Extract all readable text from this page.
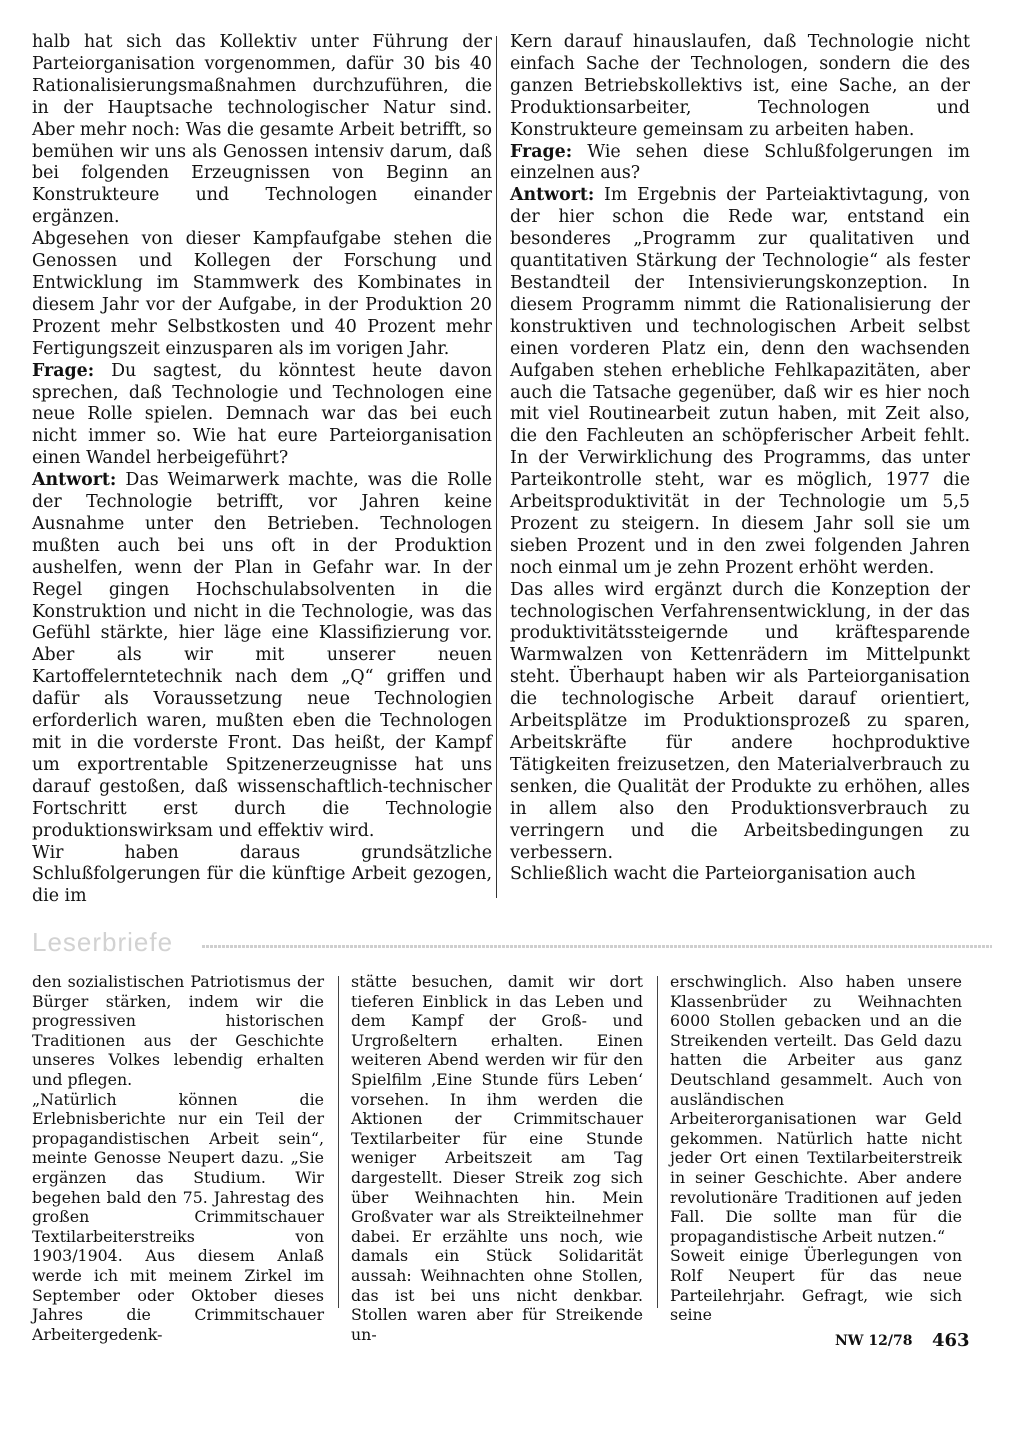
halb hat sich das Kollektiv unter Führung der Parteiorganisation vorgenommen, dafür 30 bis 40 Rationalisierungsmaßnahmen durchzuführen, die in der Hauptsache technologischer Natur sind. Aber mehr noch: Was die gesamte Arbeit betrifft, so bemühen wir uns als Genossen intensiv darum, daß bei folgenden Erzeugnissen von Beginn an Konstrukteure und Technologen einander ergänzen.

Abgesehen von dieser Kampfaufgabe stehen die Genossen und Kollegen der Forschung und Entwicklung im Stammwerk des Kombinates in diesem Jahr vor der Aufgabe, in der Produktion 20 Prozent mehr Selbstkosten und 40 Prozent mehr Fertigungszeit einzusparen als im vorigen Jahr.

Frage: Du sagtest, du könntest heute davon sprechen, daß Technologie und Technologen eine neue Rolle spielen. Demnach war das bei euch nicht immer so. Wie hat eure Parteiorganisation einen Wandel herbeigeführt?

Antwort: Das Weimarwerk machte, was die Rolle der Technologie betrifft, vor Jahren keine Ausnahme unter den Betrieben. Technologen mußten auch bei uns oft in der Produktion aushelfen, wenn der Plan in Gefahr war. In der Regel gingen Hochschulabsolventen in die Konstruktion und nicht in die Technologie, was das Gefühl stärkte, hier läge eine Klassifizierung vor. Aber als wir mit unserer neuen Kartoffelerntetechnik nach dem „Q“ griffen und dafür als Voraussetzung neue Technologien erforderlich waren, mußten eben die Technologen mit in die vorderste Front. Das heißt, der Kampf um exportrentable Spitzenerzeugnisse hat uns darauf gestoßen, daß wissenschaftlich-technischer Fortschritt erst durch die Technologie produktionswirksam und effektiv wird.

Wir haben daraus grundsätzliche Schlußfolgerungen für die künftige Arbeit gezogen, die im

Kern darauf hinauslaufen, daß Technologie nicht einfach Sache der Technologen, sondern die des ganzen Betriebskollektivs ist, eine Sache, an der Produktionsarbeiter, Technologen und Konstrukteure gemeinsam zu arbeiten haben.

Frage: Wie sehen diese Schlußfolgerungen im einzelnen aus?

Antwort: Im Ergebnis der Parteiaktivtagung, von der hier schon die Rede war, entstand ein besonderes „Programm zur qualitativen und quantitativen Stärkung der Technologie“ als fester Bestandteil der Intensivierungskonzeption. In diesem Programm nimmt die Rationalisierung der konstruktiven und technologischen Arbeit selbst einen vorderen Platz ein, denn den wachsenden Aufgaben stehen erhebliche Fehlkapazitäten, aber auch die Tatsache gegenüber, daß wir es hier noch mit viel Routinearbeit zutun haben, mit Zeit also, die den Fachleuten an schöpferischer Arbeit fehlt. In der Verwirklichung des Programms, das unter Parteikontrolle steht, war es möglich, 1977 die Arbeitsproduktivität in der Technologie um 5,5 Prozent zu steigern. In diesem Jahr soll sie um sieben Prozent und in den zwei folgenden Jahren noch einmal um je zehn Prozent erhöht werden.

Das alles wird ergänzt durch die Konzeption der technologischen Verfahrensentwicklung, in der das produktivitätssteigernde und kräftesparende Warmwalzen von Kettenrädern im Mittelpunkt steht. Überhaupt haben wir als Parteiorganisation die technologische Arbeit darauf orientiert, Arbeitsplätze im Produktionsprozeß zu sparen, Arbeitskräfte für andere hochproduktive Tätigkeiten freizusetzen, den Materialverbrauch zu senken, die Qualität der Produkte zu erhöhen, alles in allem also den Produktionsverbrauch zu verringern und die Arbeitsbedingungen zu verbessern.

Schließlich wacht die Parteiorganisation auch

Leserbriefe

den sozialistischen Patriotismus der Bürger stärken, indem wir die progressiven historischen Traditionen aus der Geschichte unseres Volkes lebendig erhalten und pflegen.

„Natürlich können die Erlebnisberichte nur ein Teil der propagandistischen Arbeit sein“, meinte Genosse Neupert dazu. „Sie ergänzen das Studium. Wir begehen bald den 75. Jahrestag des großen Crimmitschauer Textilarbeiterstreiks von 1903/1904. Aus diesem Anlaß werde ich mit meinem Zirkel im September oder Oktober dieses Jahres die Crimmitschauer Arbeitergedenk-

stätte besuchen, damit wir dort tieferen Einblick in das Leben und dem Kampf der Groß- und Urgroßeltern erhalten. Einen weiteren Abend werden wir für den Spielfilm ‚Eine Stunde fürs Leben‘ vorsehen. In ihm werden die Aktionen der Crimmitschauer Textilarbeiter für eine Stunde weniger Arbeitszeit am Tag dargestellt. Dieser Streik zog sich über Weihnachten hin. Mein Großvater war als Streikteilnehmer dabei. Er erzählte uns noch, wie damals ein Stück Solidarität aussah: Weihnachten ohne Stollen, das ist bei uns nicht denkbar. Stollen waren aber für Streikende un-

erschwinglich. Also haben unsere Klassenbrüder zu Weihnachten 6000 Stollen gebacken und an die Streikenden verteilt. Das Geld dazu hatten die Arbeiter aus ganz Deutschland gesammelt. Auch von ausländischen Arbeiterorganisationen war Geld gekommen. Natürlich hatte nicht jeder Ort einen Textilarbeiterstreik in seiner Geschichte. Aber andere revolutionäre Traditionen auf jeden Fall. Die sollte man für die propagandistische Arbeit nutzen.“

Soweit einige Überlegungen von Rolf Neupert für das neue Parteilehrjahr. Gefragt, wie sich seine

NW 12/78 463
